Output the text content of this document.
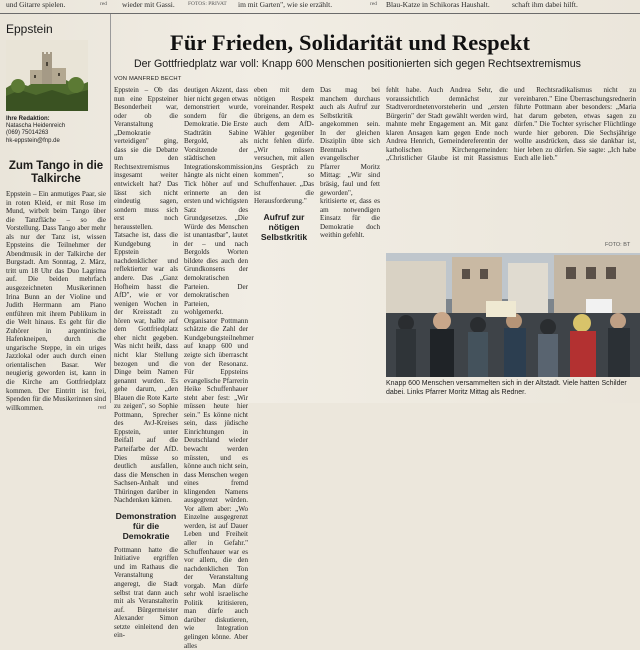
und Gitarre spielen.	red wieder mit Gassi. FOTOS: PRIVAT im mit Garten", wie sie erzählt.	red Blau-Katze in Schikoras Haushalt.	schaft ihm dabei hilft.
Eppstein
Ihre Redaktion:
Natascha Heidenreich
(069) 75014263
hk-eppstein@fnp.de
Zum Tango in die Talkirche
Eppstein – Ein anmutiges Paar, sie in roten Kleid, er mit Rose im Mund, wirbelt beim Tango über die Tanzfläche – so die Vorstellung. Dass Tango aber mehr als nur der Tanz ist, wissen Eppsteins die Teilnehmer der Abendmusik in der Talkirche der Burgstadt. Am Sonntag, 2. März, tritt um 18 Uhr das Duo Lagrima auf. Die beiden mehrfach ausgezeichneten Musikerinnen Irina Bunn an der Violine und Judith Herrmann am Piano entführen mit ihrem Publikum in die Welt hinaus. Es geht für die Zuhörer in argentinische Hafenkneipen, durch die ungarische Steppe, in ein uriges Jazzlokal oder auch durch einen orientalischen Basar. Wer neugierig geworden ist, kann in die Kirche am Gottfriedplatz kommen. Der Eintritt ist frei, Spenden für die Musikerinnen sind willkommen.	red
Für Frieden, Solidarität und Respekt
Der Gottfriedplatz war voll: Knapp 600 Menschen positionierten sich gegen Rechtsextremismus
VON MANFRED BECHT
Eppstein – Ob das nun eine Eppsteiner Besonderheit war, oder ob die Veranstaltung „Demokratie verteidigen" ging, dass sie die Debatte um den Rechtsextremismus insgesamt weiter entwickelt hat? Das lässt sich nicht eindeutig sagen, sondern muss sich erst noch herausstellen. Tatsache ist, dass die Kundgebung in Eppstein nachdenklicher und reflektierter war als andere. Das „Ganz Hofheim hasst die AfD", wie er vor wenigen Wochen in der Kreisstadt zu hören war, hallte auf dem Gottfriedplatz eher nicht gegeben. Was nicht heißt, dass nicht klar Stellung bezogen und die Dinge beim Namen genannt wurden. Es gehe darum, „den Blauen die Rote Karte zu zeigen", so Sophie Pottmann, Sprecher des AvJ-Kreises Eppstein, unter Beifall auf die Parteifarbe der AfD. Dies müsse so deutlich ausfallen, dass die Menschen in Sachsen-Anhalt und Thüringen darüber in Nachdenken kämen.
Demonstration für die Demokratie
Pottmann hatte die Initiative ergriffen und im Rathaus die Veranstaltung angeregt, die Stadt selbst trat dann auch mit als Veranstalterin auf. Bürgermeister Alexander Simon setzte einleitend den ein-
deutigen Akzent, dass hier nicht gegen etwas demonstriert wurde, sondern für die Demokratie. Die Erste Stadträtin Sabine Bergold, als Vorsitzende der städtischen Integrationskommission, hängte als nicht einen Tick höher auf und erinnerte an den ersten und wichtigsten Satz des Grundgesetzes. „Die Würde des Menschen ist unantastbar", lautet der – und nach Bergolds Worten bildete dies auch den Grundkonsens der demokratischen Parteien. Der demokratischen Parteien, wohlgemerkt. Organisator Pottmann schätzte die Zahl der Kundgebungsteilnehmer auf knapp 600 und zeigte sich überrascht von der Resonanz. Für Eppsteins evangelische Pfarrerin Heike Schuffenhauer steht aber fest: „Wir müssen heute hier sein." Es könne nicht sein, dass jüdische Einrichtungen in Deutschland wieder bewacht werden müssten, und es könne auch nicht sein, dass Menschen wegen eines fremd klingenden Namens ausgegrenzt würden. Vor allem aber: „Wo Einzelne ausgegrenzt werden, ist auf Dauer Leben und Freiheit aller in Gefahr." Schuffenhauer war es vor allem, die den nachdenklichen Ton der Veranstaltung vorgab. Man dürfe sehr wohl israelische Politik kritisieren, man dürfe auch darüber diskutieren, wie Integration gelingen könne. Aber alles
eben mit dem nötigen Respekt voreinander. Respekt übrigens, an dem es auch dem AfD-Wähler gegenüber nicht fehlen dürfe. „Wir müssen versuchen, mit allen ins Gespräch zu kommen", so Schuffenhauer. „Das ist die Herausforderung."
Aufruf zur nötigen Selbstkritik
Das mag bei manchem durchaus auch als Aufruf zur Selbstkritik angekommen sein. In der gleichen Disziplin übte sich Brentnals evangelischer Pfarrer Moritz Mittag: „Wir sind bräsig, faul und fett geworden", kritisierte er, dass es am notwendigen Einsatz für die Demokratie doch weithin gefehlt.
fehlt habe. Auch Andrea Sehr, die voraussichtlich demnächst zur Stadtverordnetenvorsteherin und „ersten Bürgerin" der Stadt gewählt werden wird, mahnte mehr Engagement an. Mit ganz klaren Ansagen kam gegen Ende noch Andrea Henrich, Gemeindereferentin der katholischen Kirchengemeinden: „Christlicher Glaube ist mit Rassismus und Rechtsradikalismus nicht zu vereinbaren." Eine Überraschungsrednerin führte Pottmann aber besonders: „Maria hat darum gebeten, etwas sagen zu dürfen." Die Tochter syrischer Flüchtlinge wurde hier geboren. Die Sechsjährige wollte ausdrücken, dass sie dankbar ist, hier leben zu dürfen. Sie sagte: „Ich habe Euch alle lieb."
FOTO: BT
Knapp 600 Menschen versammelten sich in der Altstadt. Viele hatten Schilder dabei. Links Pfarrer Moritz Mittag als Redner.
